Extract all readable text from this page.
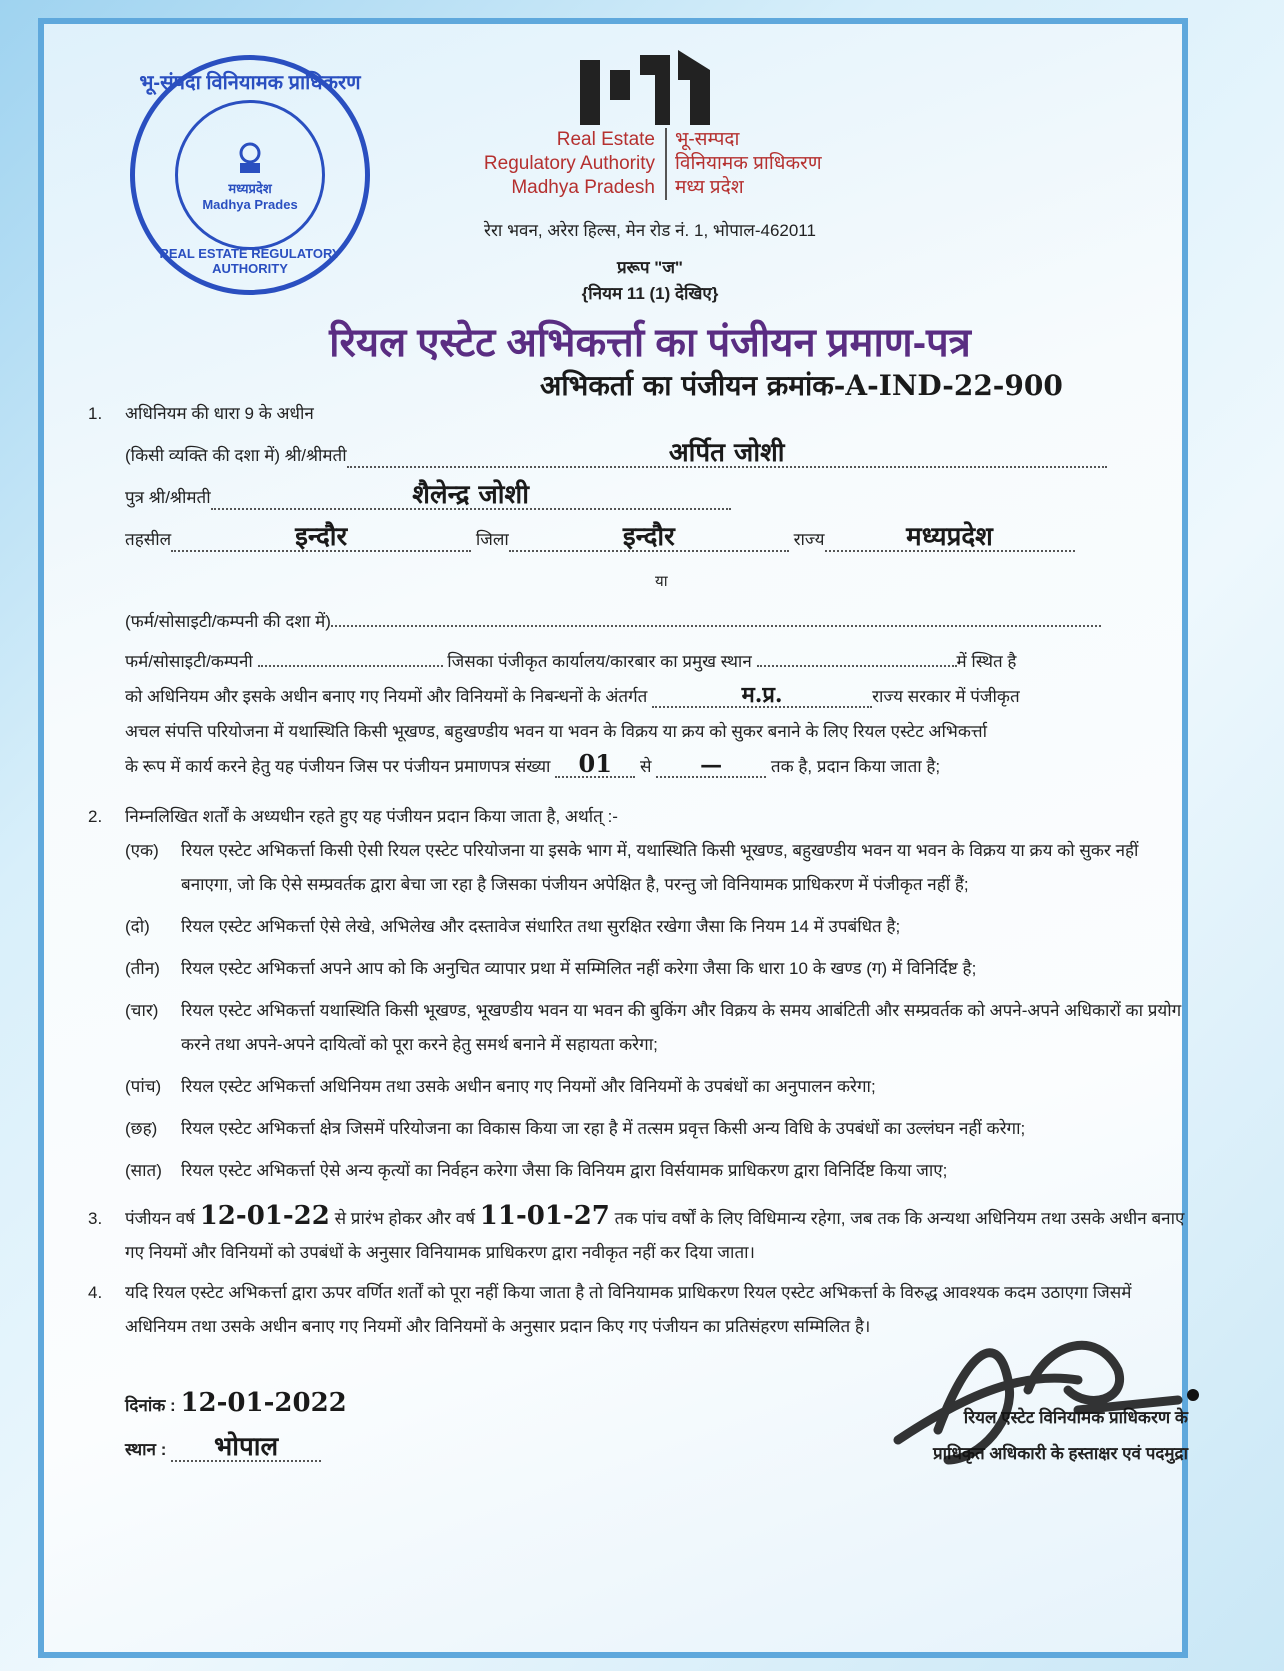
भू-संपदा विनियामक प्राधिकरण
मध्यप्रदेश
Madhya Prades
REAL ESTATE REGULATORY AUTHORITY
Real Estate
Regulatory Authority
Madhya Pradesh
भू-सम्पदा
विनियामक प्राधिकरण
मध्य प्रदेश
रेरा भवन, अरेरा हिल्स, मेन रोड नं. 1, भोपाल-462011
प्ररूप "ज"
{नियम 11 (1) देखिए}
रियल एस्टेट अभिकर्त्ता का पंजीयन प्रमाण-पत्र
अभिकर्ता का पंजीयन क्रमांक-A-IND-22-900
1. अधिनियम की धारा 9 के अधीन
(किसी व्यक्ति की दशा में) श्री/श्रीमती	अर्पित जोशी
पुत्र श्री/श्रीमती	शैलेन्द्र जोशी
तहसील	इन्दौर	जिला	इन्दौर	राज्य	मध्यप्रदेश
या
(फर्म/सोसाइटी/कम्पनी की दशा में)
फर्म/सोसाइटी/कम्पनी	जिसका पंजीकृत कार्यालय/कारबार का प्रमुख स्थान	में स्थित है
को अधिनियम और इसके अधीन बनाए गए नियमों और विनियमों के निबन्धनों के अंतर्गत	म.प्र.	राज्य सरकार में पंजीकृत
अचल संपत्ति परियोजना में यथास्थिति किसी भूखण्ड, बहुखण्डीय भवन या भवन के विक्रय या क्रय को सुकर बनाने के लिए रियल एस्टेट अभिकर्त्ता
के रूप में कार्य करने हेतु यह पंजीयन जिस पर पंजीयन प्रमाणपत्र संख्या 01 से —	तक है, प्रदान किया जाता है;
2.	निम्नलिखित शर्तों के अध्यधीन रहते हुए यह पंजीयन प्रदान किया जाता है, अर्थात् :-
(एक)	रियल एस्टेट अभिकर्त्ता किसी ऐसी रियल एस्टेट परियोजना या इसके भाग में, यथास्थिति किसी भूखण्ड, बहुखण्डीय भवन या भवन के विक्रय या क्रय को सुकर नहीं बनाएगा, जो कि ऐसे सम्प्रवर्तक द्वारा बेचा जा रहा है जिसका पंजीयन अपेक्षित है, परन्तु जो विनियामक प्राधिकरण में पंजीकृत नहीं हैं;
(दो)	रियल एस्टेट अभिकर्त्ता ऐसे लेखे, अभिलेख और दस्तावेज संधारित तथा सुरक्षित रखेगा जैसा कि नियम 14 में उपबंधित है;
(तीन)	रियल एस्टेट अभिकर्त्ता अपने आप को कि अनुचित व्यापार प्रथा में सम्मिलित नहीं करेगा जैसा कि धारा 10 के खण्ड (ग) में विनिर्दिष्ट है;
(चार)	रियल एस्टेट अभिकर्त्ता यथास्थिति किसी भूखण्ड, भूखण्डीय भवन या भवन की बुकिंग और विक्रय के समय आबंटिती और सम्प्रवर्तक को अपने-अपने अधिकारों का प्रयोग करने तथा अपने-अपने दायित्वों को पूरा करने हेतु समर्थ बनाने में सहायता करेगा;
(पांच)	रियल एस्टेट अभिकर्त्ता अधिनियम तथा उसके अधीन बनाए गए नियमों और विनियमों के उपबंधों का अनुपालन करेगा;
(छह)	रियल एस्टेट अभिकर्त्ता क्षेत्र जिसमें परियोजना का विकास किया जा रहा है में तत्सम प्रवृत्त किसी अन्य विधि के उपबंधों का उल्लंघन नहीं करेगा;
(सात)	रियल एस्टेट अभिकर्त्ता ऐसे अन्य कृत्यों का निर्वहन करेगा जैसा कि विनियम द्वारा विर्सयामक प्राधिकरण द्वारा विनिर्दिष्ट किया जाए;
3.	पंजीयन वर्ष 12-01-22 से प्रारंभ होकर और वर्ष 11-01-27 तक पांच वर्षों के लिए विधिमान्य रहेगा, जब तक कि अन्यथा अधिनियम तथा उसके अधीन बनाए गए नियमों और विनियमों को उपबंधों के अनुसार विनियामक प्राधिकरण द्वारा नवीकृत नहीं कर दिया जाता।
4.	यदि रियल एस्टेट अभिकर्त्ता द्वारा ऊपर वर्णित शर्तों को पूरा नहीं किया जाता है तो विनियामक प्राधिकरण रियल एस्टेट अभिकर्त्ता के विरुद्ध आवश्यक कदम उठाएगा जिसमें अधिनियम तथा उसके अधीन बनाए गए नियमों और विनियमों के अनुसार प्रदान किए गए पंजीयन का प्रतिसंहरण सम्मिलित है।
दिनांक : 12-01-2022
स्थान : भोपाल
रियल एस्टेट विनियामक प्राधिकरण के
प्राधिकृत अधिकारी के हस्ताक्षर एवं पदमुद्रा
